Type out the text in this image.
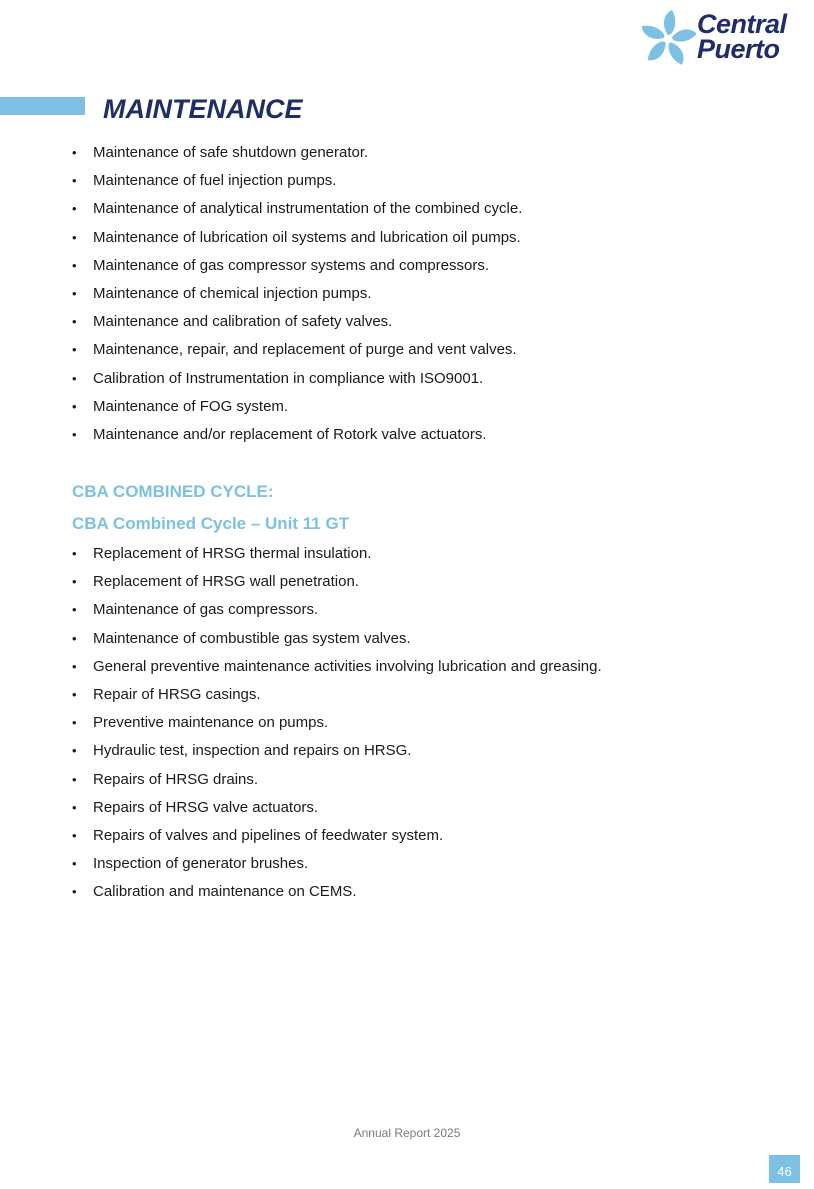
Central
Puerto
MAINTENANCE
• Maintenance of safe shutdown generator.
• Maintenance of fuel injection pumps.
• Maintenance of analytical instrumentation of the combined cycle.
• Maintenance of lubrication oil systems and lubrication oil pumps.
• Maintenance of gas compressor systems and compressors.
• Maintenance of chemical injection pumps.
• Maintenance and calibration of safety valves.
• Maintenance, repair, and replacement of purge and vent valves.
• Calibration of Instrumentation in compliance with ISO9001.
• Maintenance of FOG system.
• Maintenance and/or replacement of Rotork valve actuators.
CBA COMBINED CYCLE:
CBA Combined Cycle – Unit 11 GT
• Replacement of HRSG thermal insulation.
• Replacement of HRSG wall penetration.
• Maintenance of gas compressors.
• Maintenance of combustible gas system valves.
• General preventive maintenance activities involving lubrication and greasing.
• Repair of HRSG casings.
• Preventive maintenance on pumps.
• Hydraulic test, inspection and repairs on HRSG.
• Repairs of HRSG drains.
• Repairs of HRSG valve actuators.
• Repairs of valves and pipelines of feedwater system.
• Inspection of generator brushes.
• Calibration and maintenance on CEMS.
Annual Report 2025
46
